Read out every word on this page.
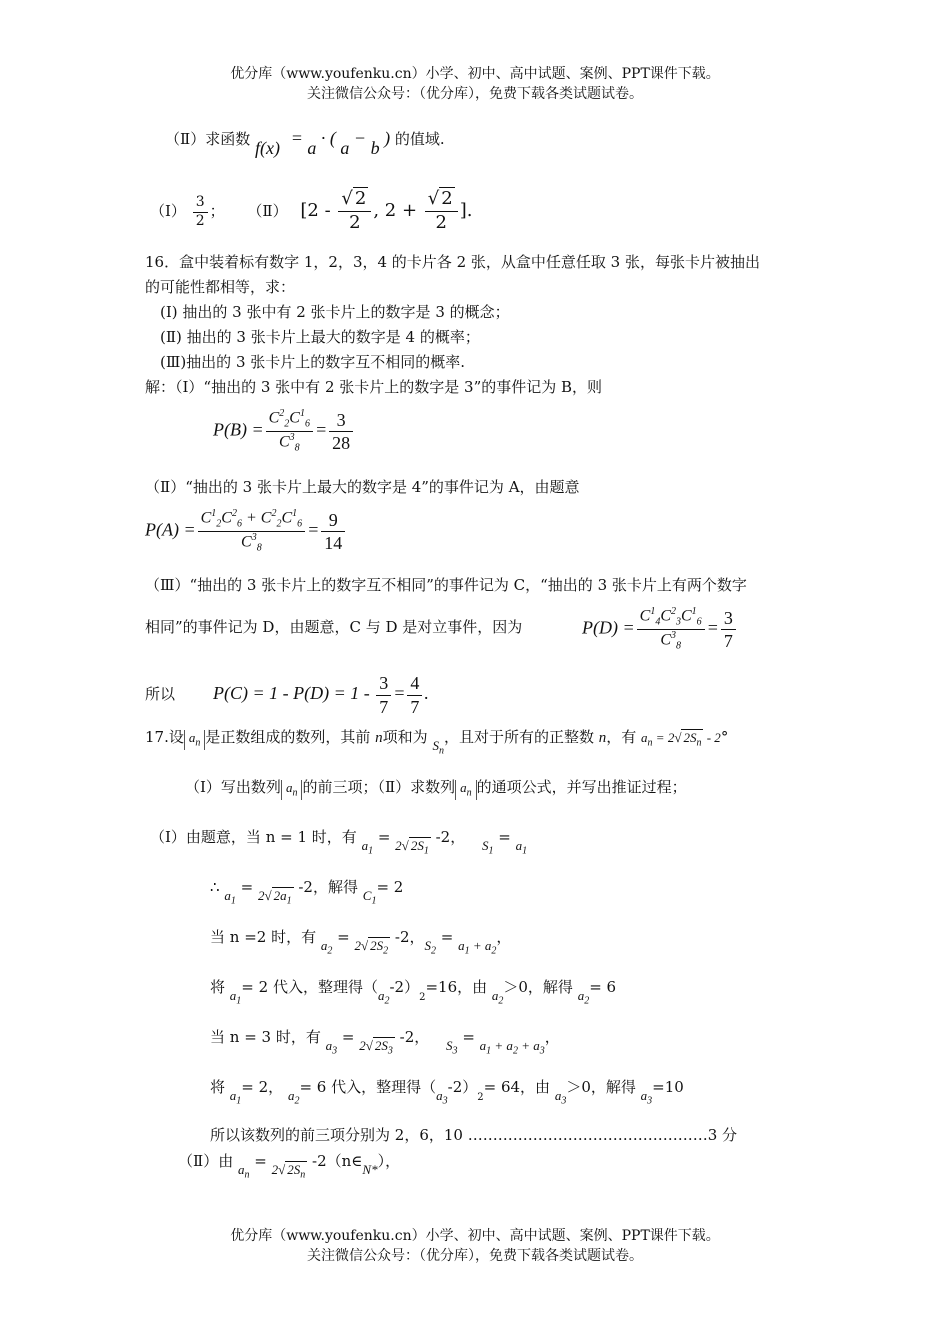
优分库（www.youfenku.cn）小学、初中、高中试题、案例、PPT课件下载。
关注微信公众号：（优分库），免费下载各类试题试卷。
（Ⅱ）求函数 f(x) = a · ( a − b ) 的值域.
（Ⅰ） $\frac{3}{2}$ ； （Ⅱ） [$2 - \frac{√ 2}{2}$ , $2 + \frac{√ 2}{2}$ ].
16．盒中装着标有数字 1，2，3，4 的卡片各 2 张，从盒中任意任取 3 张，每张卡片被抽出
的可能性都相等，求：
(Ⅰ) 抽出的 3 张中有 2 张卡片上的数字是 3 的概念；
(Ⅱ) 抽出的 3 张卡片上最大的数字是 4 的概率；
(Ⅲ)抽出的 3 张卡片上的数字互不相同的概率.
解：（Ⅰ）“抽出的 3 张中有 2 张卡片上的数字是 3”的事件记为 B，则
$P(B) = \frac{C^2_2C^1_6}{C^3_8} = \frac{3}{28}$
（Ⅱ）“抽出的 3 张卡片上最大的数字是 4”的事件记为 A，由题意
$P(A) = \frac{C^1_2C^2_6 + C^2_2C^1_6}{C^3_8} = \frac{9}{14}$
（Ⅲ）“抽出的 3 张卡片上的数字互不相同”的事件记为 C，“抽出的 3 张卡片上有两个数字
相同”的事件记为 D，由题意，C 与 D 是对立事件，因为	$P(D) = \frac{C^1_4C^2_3C^1_6}{C^3_8} = \frac{3}{7}$
所以 $P(C) = 1 - P(D) = 1 - \frac{3}{7} = \frac{4}{7}$ .
17.设 $a_n$ 是正数组成的数列，其前 n项和为 $S_n$，且对于所有的正整数 n，有 $a_n = 2√$ $2S_n - 2^\circ$
（Ⅰ）写出数列 $a_n$ 的前三项；（Ⅱ）求数列 $a_n$ 的通项公式，并写出推证过程；
（Ⅰ）由题意，当 n = 1 时，有 $a_1 = 2√$ $2S_1$ -2， $S_1 = a_1$
∴ $a_1 = 2√$ $2a_1$ -2，解得 $C_1= 2$
当 n =2 时，有 $a_2 = 2√$ $2S_2$ -2，$S_2 = a_1 + a_2$，
将 $a_1= 2$ 代入，整理得$(a_2-2)_2=16$，由 $a_2>0$，解得 $a_2= 6$
当 n = 3 时，有 $a_3 = 2√$ $2S_3$ -2， $S_3 = a_1 + a_2 + a_3$，
将 $a_1= 2$， $a_2= 6$ 代入，整理得$(a_3-2)_2= 64$，由 $a_3>0$，解得 $a_3=10$
所以该数列的前三项分别为 2，6，10 …………………………………………3 分
（Ⅱ）由 $a_n = 2√$ $2S_n$ -2（n∈N*），
优分库（www.youfenku.cn）小学、初中、高中试题、案例、PPT课件下载。
关注微信公众号：（优分库），免费下载各类试题试卷。
